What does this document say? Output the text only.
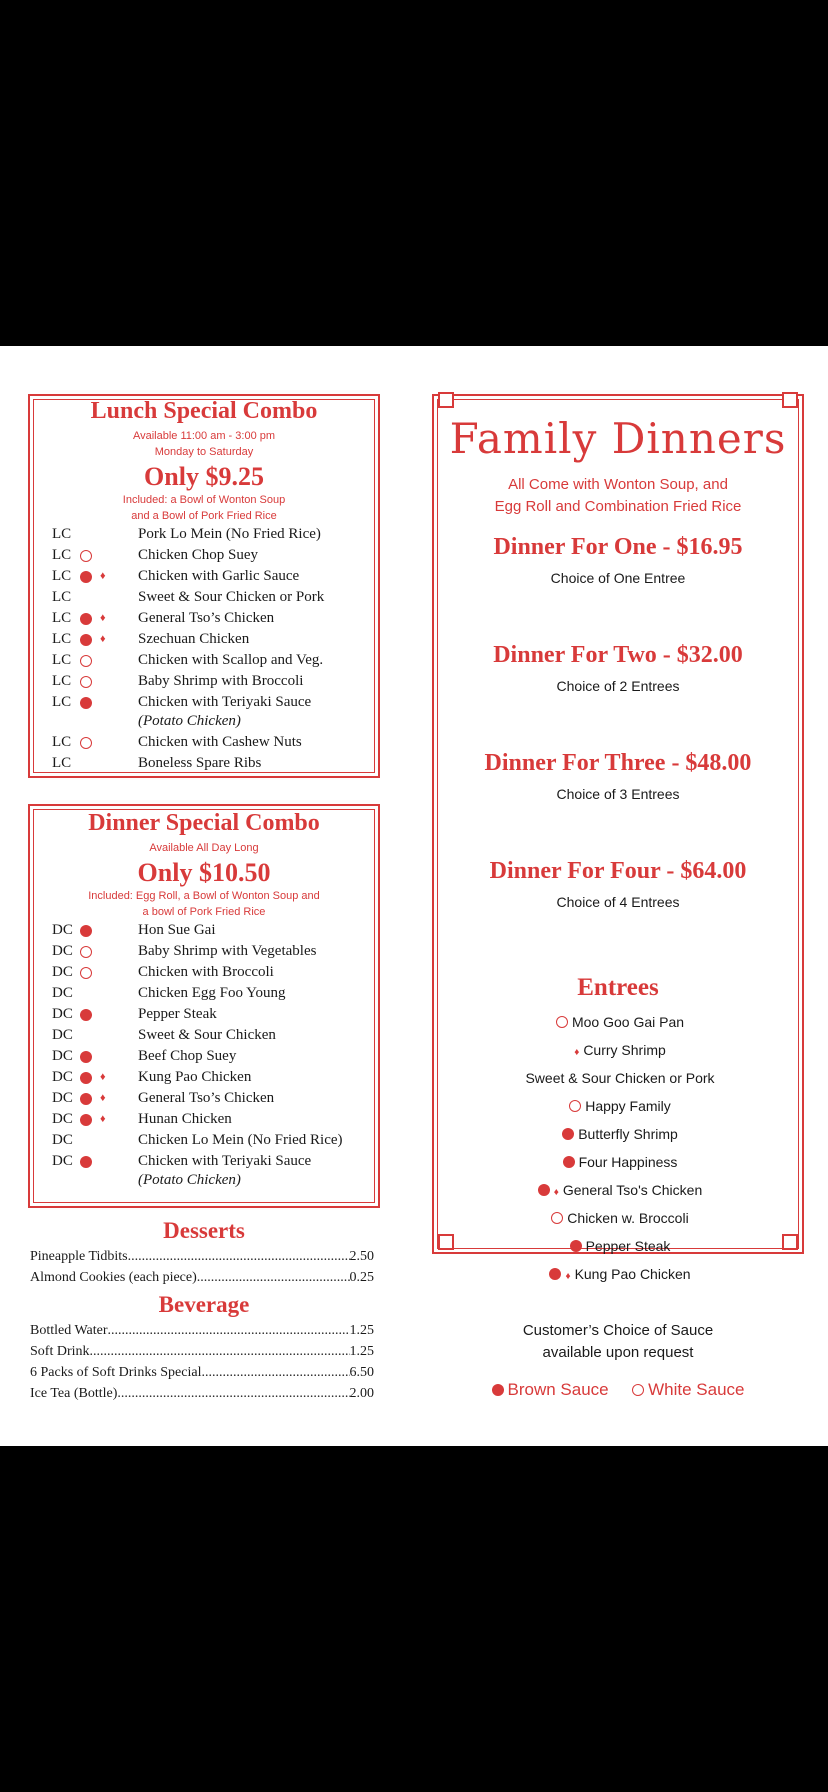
Lunch Special Combo
Available 11:00 am - 3:00 pm
Monday to Saturday
Only $9.25
Included: a Bowl of Wonton Soup
and a Bowl of Pork Fried Rice
Dinner Special Combo
Available All Day Long
Only $10.50
Included: Egg Roll, a Bowl of Wonton Soup and
a bowl of Pork Fried Rice
Desserts
Beverage
Family Dinners
All Come with Wonton Soup, and
Egg Roll and Combination Fried Rice
Entrees
Customer’s Choice of Sauce
available upon request
Brown Sauce White Sauce
LC	Pork Lo Mein (No Fried Rice)
LC	Chicken Chop Suey
LC	♦ Chicken with Garlic Sauce
LC	Sweet & Sour Chicken or Pork
LC	♦ General Tso’s Chicken
LC	♦ Szechuan Chicken
LC	Chicken with Scallop and Veg.
LC	Baby Shrimp with Broccoli
LC	Chicken with Teriyaki Sauce
(Potato Chicken)
LC	Chicken with Cashew Nuts
LC	Boneless Spare Ribs
DC	Hon Sue Gai
DC	Baby Shrimp with Vegetables
DC	Chicken with Broccoli
DC	Chicken Egg Foo Young
DC	Pepper Steak
DC	Sweet & Sour Chicken
DC	Beef Chop Suey
DC	♦ Kung Pao Chicken
DC	♦ General Tso’s Chicken
DC	♦ Hunan Chicken
DC	Chicken Lo Mein (No Fried Rice)
DC	Chicken with Teriyaki Sauce
(Potato Chicken)
Pineapple Tidbits .....	2.50
Almond Cookies (each piece) .....	0.25
Bottled Water .....	1.25
Soft Drink .....	1.25
6 Packs of Soft Drinks Special .....	6.50
Ice Tea (Bottle) .....	2.00
Dinner For One - $16.95
Choice of One Entree
Dinner For Two - $32.00
Choice of 2 Entrees
Dinner For Three - $48.00
Choice of 3 Entrees
Dinner For Four - $64.00
Choice of 4 Entrees
Moo Goo Gai Pan
♦ Curry Shrimp
Sweet & Sour Chicken or Pork
Happy Family
Butterfly Shrimp
Four Happiness
♦ General Tso's Chicken
Chicken w. Broccoli
Pepper Steak
♦ Kung Pao Chicken
